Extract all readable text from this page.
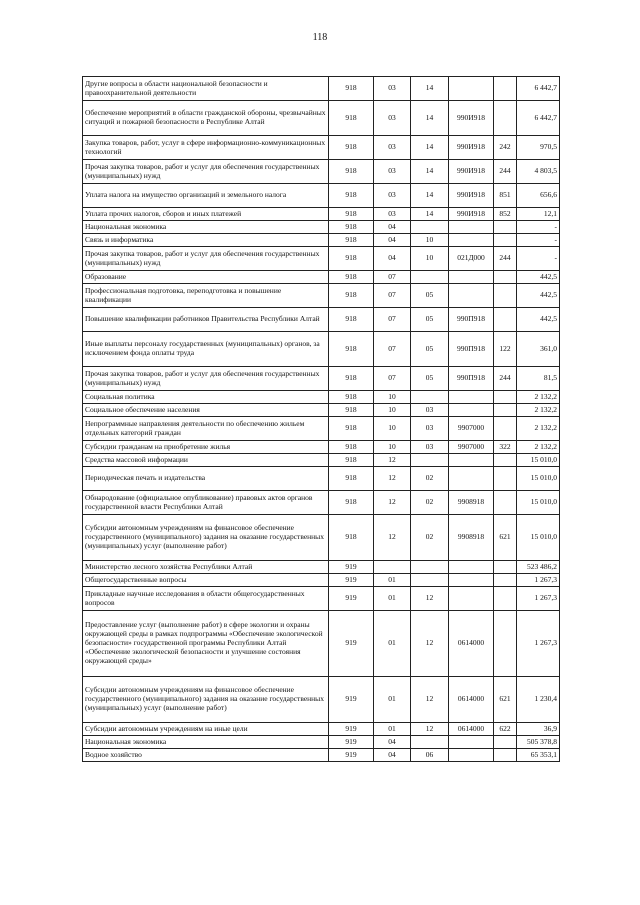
118
Другие вопросы в области национальной безопасности и правоохранительной деятельности	918	03	14			6 442,7
Обеспечение мероприятий в области гражданской обороны, чрезвычайных ситуаций и пожарной безопасности в Республике Алтай	918	03	14	990И918		6 442,7
Закупка товаров, работ, услуг в сфере информационно-коммуникационных технологий	918	03	14	990И918	242	970,5
Прочая закупка товаров, работ и услуг для обеспечения государственных (муниципальных) нужд	918	03	14	990И918	244	4 803,5
Уплата налога на имущество организаций и земельного налога	918	03	14	990И918	851	656,6
Уплата прочих налогов, сборов и иных платежей	918	03	14	990И918	852	12,1
Национальная экономика	918	04				-
Связь и информатика	918	04	10			-
Прочая закупка товаров, работ и услуг для обеспечения государственных (муниципальных) нужд	918	04	10	021Д000	244	-
Образование	918	07				442,5
Профессиональная подготовка, переподготовка и повышение квалификации	918	07	05			442,5
Повышение квалификации работников Правительства Республики Алтай	918	07	05	990П918		442,5
Иные выплаты персоналу государственных (муниципальных) органов, за исключением фонда оплаты труда	918	07	05	990П918	122	361,0
Прочая закупка товаров, работ и услуг для обеспечения государственных (муниципальных) нужд	918	07	05	990П918	244	81,5
Социальная политика	918	10				2 132,2
Социальное обеспечение населения	918	10	03			2 132,2
Непрограммные направления деятельности по обеспечению жильем отдельных категорий граждан	918	10	03	9907000		2 132,2
Субсидии гражданам на приобретение жилья	918	10	03	9907000	322	2 132,2
Средства массовой информации	918	12				15 010,0
Периодическая печать и издательства	918	12	02			15 010,0
Обнародование (официальное опубликование) правовых актов органов государственной власти Республики Алтай	918	12	02	9908918		15 010,0
Субсидии автономным учреждениям на финансовое обеспечение государственного (муниципального) задания на оказание государственных (муниципальных) услуг (выполнение работ)	918	12	02	9908918	621	15 010,0
Министерство лесного хозяйства Республики Алтай	919					523 486,2
Общегосударственные вопросы	919	01				1 267,3
Прикладные научные исследования в области общегосударственных вопросов	919	01	12			1 267,3
Предоставление услуг (выполнение работ) в сфере экологии и охраны окружающей среды в рамках подпрограммы «Обеспечение экологической безопасности» государственной программы Республики Алтай «Обеспечение экологической безопасности и улучшение состояния окружающей среды»	919	01	12	0614000		1 267,3
Субсидии автономным учреждениям на финансовое обеспечение государственного (муниципального) задания на оказание государственных (муниципальных) услуг (выполнение работ)	919	01	12	0614000	621	1 230,4
Субсидии автономным учреждениям на иные цели	919	01	12	0614000	622	36,9
Национальная экономика	919	04				505 378,8
Водное хозяйство	919	04	06			65 353,1
